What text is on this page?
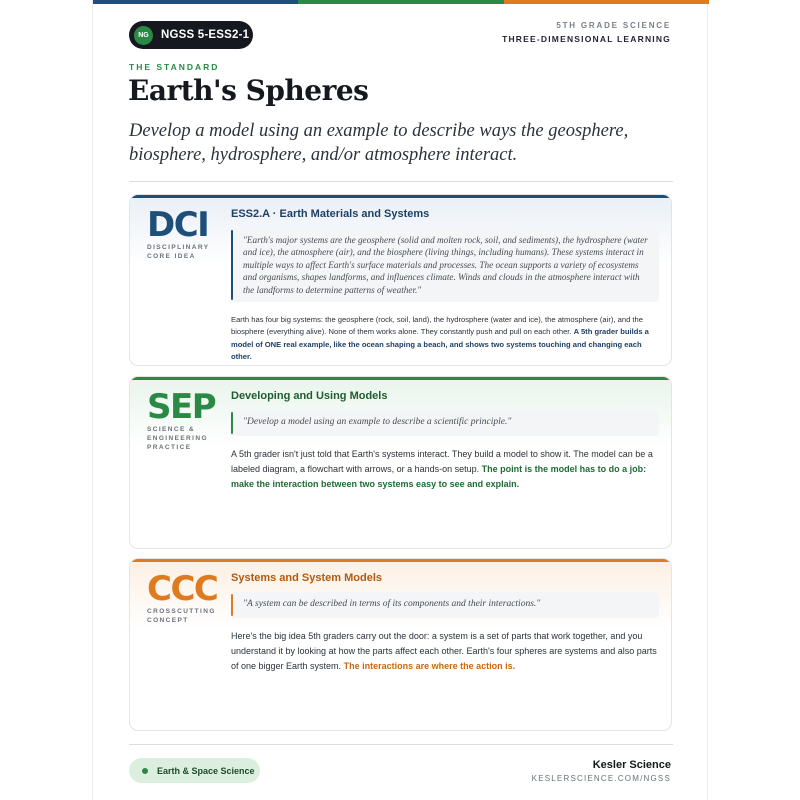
NG	NGSS 5-ESS2-1
5TH GRADE SCIENCE
THREE-DIMENSIONAL LEARNING
THE STANDARD
Earth's Spheres
Develop a model using an example to describe ways the geosphere, biosphere, hydrosphere, and/or atmosphere interact.
DCI
DISCIPLINARY
CORE IDEA
ESS2.A · Earth Materials and Systems
"Earth's major systems are the geosphere (solid and molten rock, soil, and sediments), the hydrosphere (water and ice), the atmosphere (air), and the biosphere (living things, including humans). These systems interact in multiple ways to affect Earth's surface materials and processes. The ocean supports a variety of ecosystems and organisms, shapes landforms, and influences climate. Winds and clouds in the atmosphere interact with the landforms to determine patterns of weather."
Earth has four big systems: the geosphere (rock, soil, land), the hydrosphere (water and ice), the atmosphere (air), and the biosphere (everything alive). None of them works alone. They constantly push and pull on each other. A 5th grader builds a model of ONE real example, like the ocean shaping a beach, and shows two systems touching and changing each other.
SEP
SCIENCE &
ENGINEERING
PRACTICE
Developing and Using Models
"Develop a model using an example to describe a scientific principle."
A 5th grader isn't just told that Earth's systems interact. They build a model to show it. The model can be a labeled diagram, a flowchart with arrows, or a hands-on setup. The point is the model has to do a job: make the interaction between two systems easy to see and explain.
CCC
CROSSCUTTING
CONCEPT
Systems and System Models
"A system can be described in terms of its components and their interactions."
Here's the big idea 5th graders carry out the door: a system is a set of parts that work together, and you understand it by looking at how the parts affect each other. Earth's four spheres are systems and also parts of one bigger Earth system. The interactions are where the action is.
Earth & Space Science	Kesler Science
KESLERSCIENCE.COM/NGSS
